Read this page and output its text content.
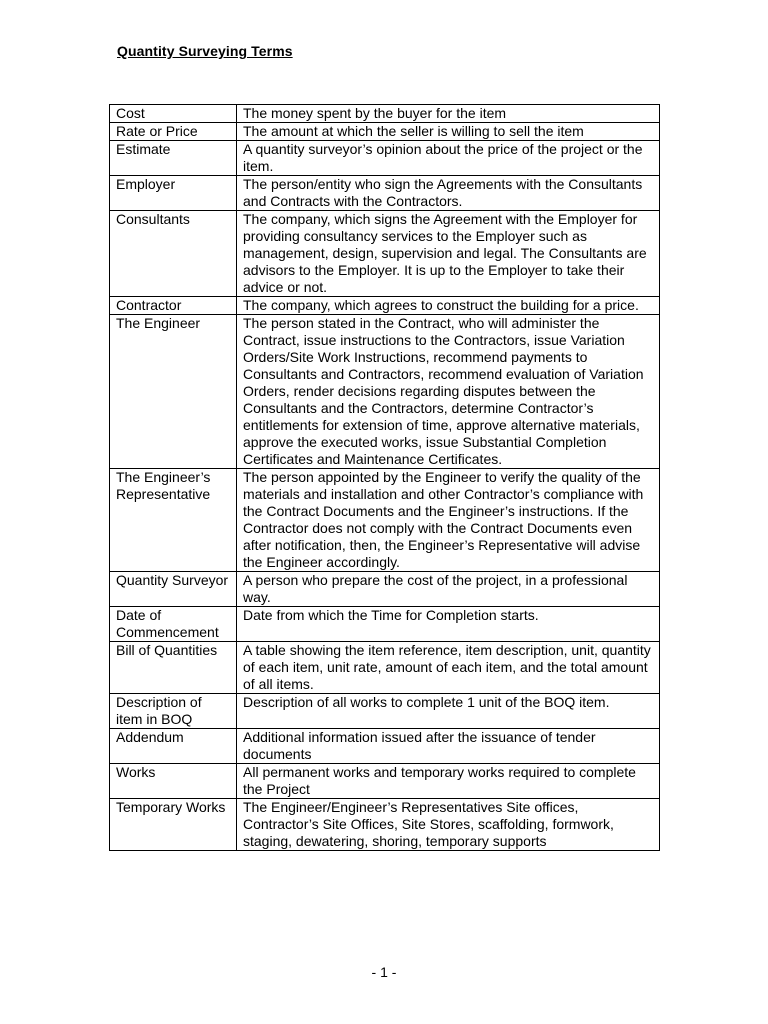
Quantity Surveying Terms
Cost	The money spent by the buyer for the item
Rate or Price	The amount at which the seller is willing to sell the item
Estimate	A quantity surveyor’s opinion about the price of the project or the item.
Employer	The person/entity who sign the Agreements with the Consultants and Contracts with the Contractors.
Consultants	The company, which signs the Agreement with the Employer for providing consultancy services to the Employer such as management, design, supervision and legal. The Consultants are advisors to the Employer. It is up to the Employer to take their advice or not.
Contractor	The company, which agrees to construct the building for a price.
The Engineer	The person stated in the Contract, who will administer the Contract, issue instructions to the Contractors, issue Variation Orders/Site Work Instructions, recommend payments to Consultants and Contractors, recommend evaluation of Variation Orders, render decisions regarding disputes between the Consultants and the Contractors, determine Contractor’s entitlements for extension of time, approve alternative materials, approve the executed works, issue Substantial Completion Certificates and Maintenance Certificates.
The Engineer’s Representative	The person appointed by the Engineer to verify the quality of the materials and installation and other Contractor’s compliance with the Contract Documents and the Engineer’s instructions. If the Contractor does not comply with the Contract Documents even after notification, then, the Engineer’s Representative will advise the Engineer accordingly.
Quantity Surveyor	A person who prepare the cost of the project, in a professional way.
Date of Commencement	Date from which the Time for Completion starts.
Bill of Quantities	A table showing the item reference, item description, unit, quantity of each item, unit rate, amount of each item, and the total amount of all items.
Description of item in BOQ	Description of all works to complete 1 unit of the BOQ item.
Addendum	Additional information issued after the issuance of tender documents
Works	All permanent works and temporary works required to complete the Project
Temporary Works	The Engineer/Engineer’s Representatives Site offices, Contractor’s Site Offices, Site Stores, scaffolding, formwork, staging, dewatering, shoring, temporary supports
- 1 -
